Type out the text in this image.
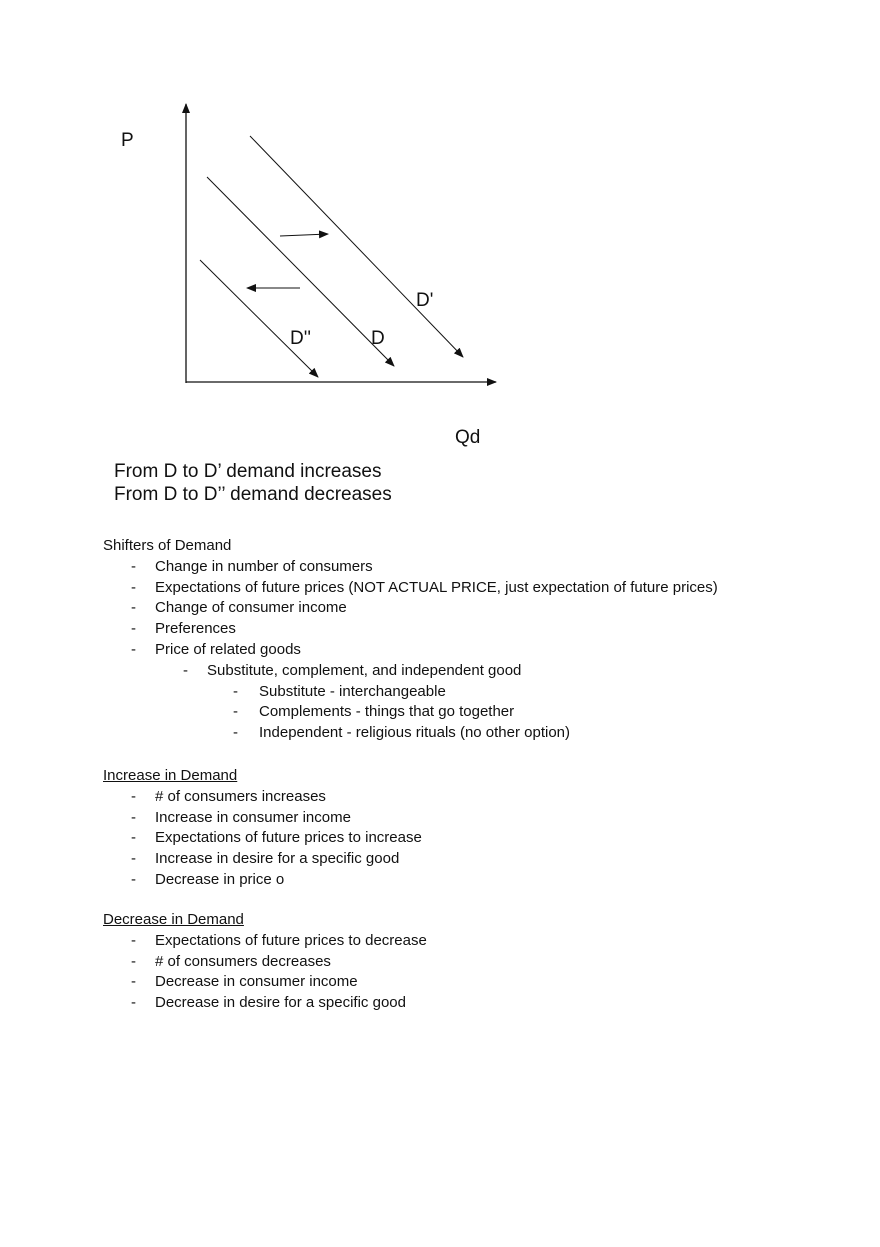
P
D'
D
D''
Qd
From D to D’ demand increases
From D to D’’ demand decreases
Shifters of Demand
- Change in number of consumers
- Expectations of future prices (NOT ACTUAL PRICE, just expectation of future prices)
- Change of consumer income
- Preferences
- Price of related goods
- Substitute, complement, and independent good
- Substitute - interchangeable
- Complements - things that go together
- Independent - religious rituals (no other option)
Increase in Demand
- # of consumers increases
- Increase in consumer income
- Expectations of future prices to increase
- Increase in desire for a specific good
- Decrease in price o
Decrease in Demand
- Expectations of future prices to decrease
- # of consumers decreases
- Decrease in consumer income
- Decrease in desire for a specific good
